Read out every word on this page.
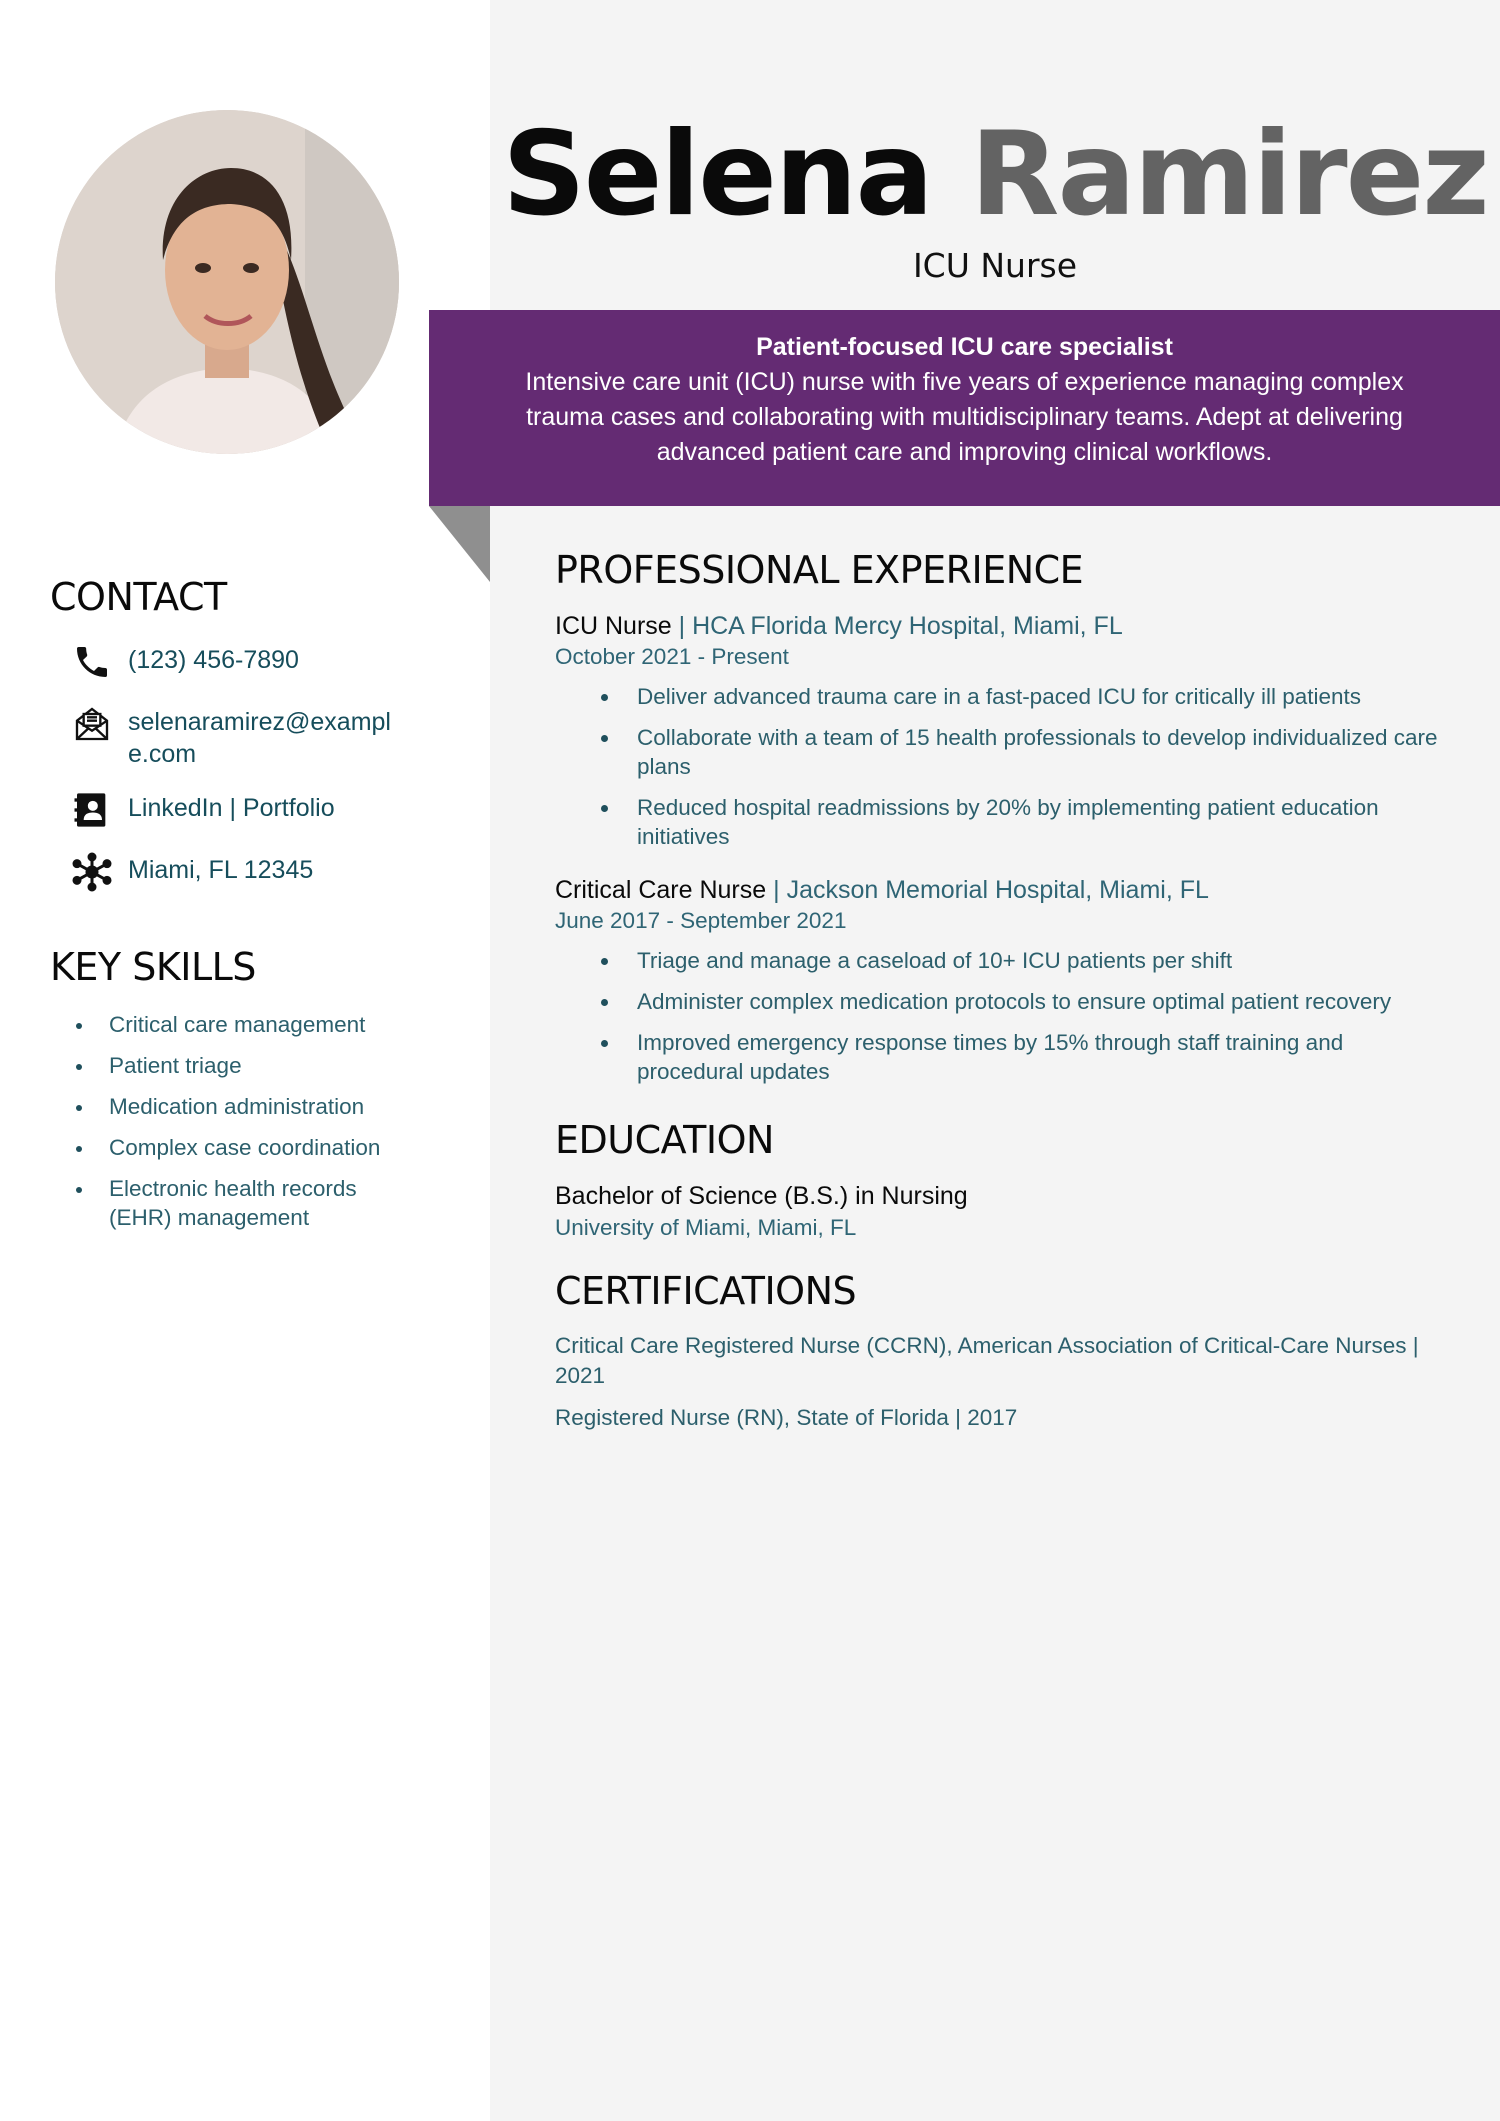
Selena Ramirez
ICU Nurse
Patient-focused ICU care specialist
Intensive care unit (ICU) nurse with five years of experience managing complex trauma cases and collaborating with multidisciplinary teams. Adept at delivering advanced patient care and improving clinical workflows.
CONTACT
(123) 456-7890
selenaramirez@example.com
LinkedIn | Portfolio
Miami, FL 12345
KEY SKILLS
Critical care management
Patient triage
Medication administration
Complex case coordination
Electronic health records (EHR) management
PROFESSIONAL EXPERIENCE
ICU Nurse | HCA Florida Mercy Hospital, Miami, FL
October 2021 - Present
Deliver advanced trauma care in a fast-paced ICU for critically ill patients
Collaborate with a team of 15 health professionals to develop individualized care plans
Reduced hospital readmissions by 20% by implementing patient education initiatives
Critical Care Nurse | Jackson Memorial Hospital, Miami, FL
June 2017 - September 2021
Triage and manage a caseload of 10+ ICU patients per shift
Administer complex medication protocols to ensure optimal patient recovery
Improved emergency response times by 15% through staff training and procedural updates
EDUCATION
Bachelor of Science (B.S.) in Nursing
University of Miami, Miami, FL
CERTIFICATIONS
Critical Care Registered Nurse (CCRN), American Association of Critical-Care Nurses | 2021
Registered Nurse (RN), State of Florida | 2017
